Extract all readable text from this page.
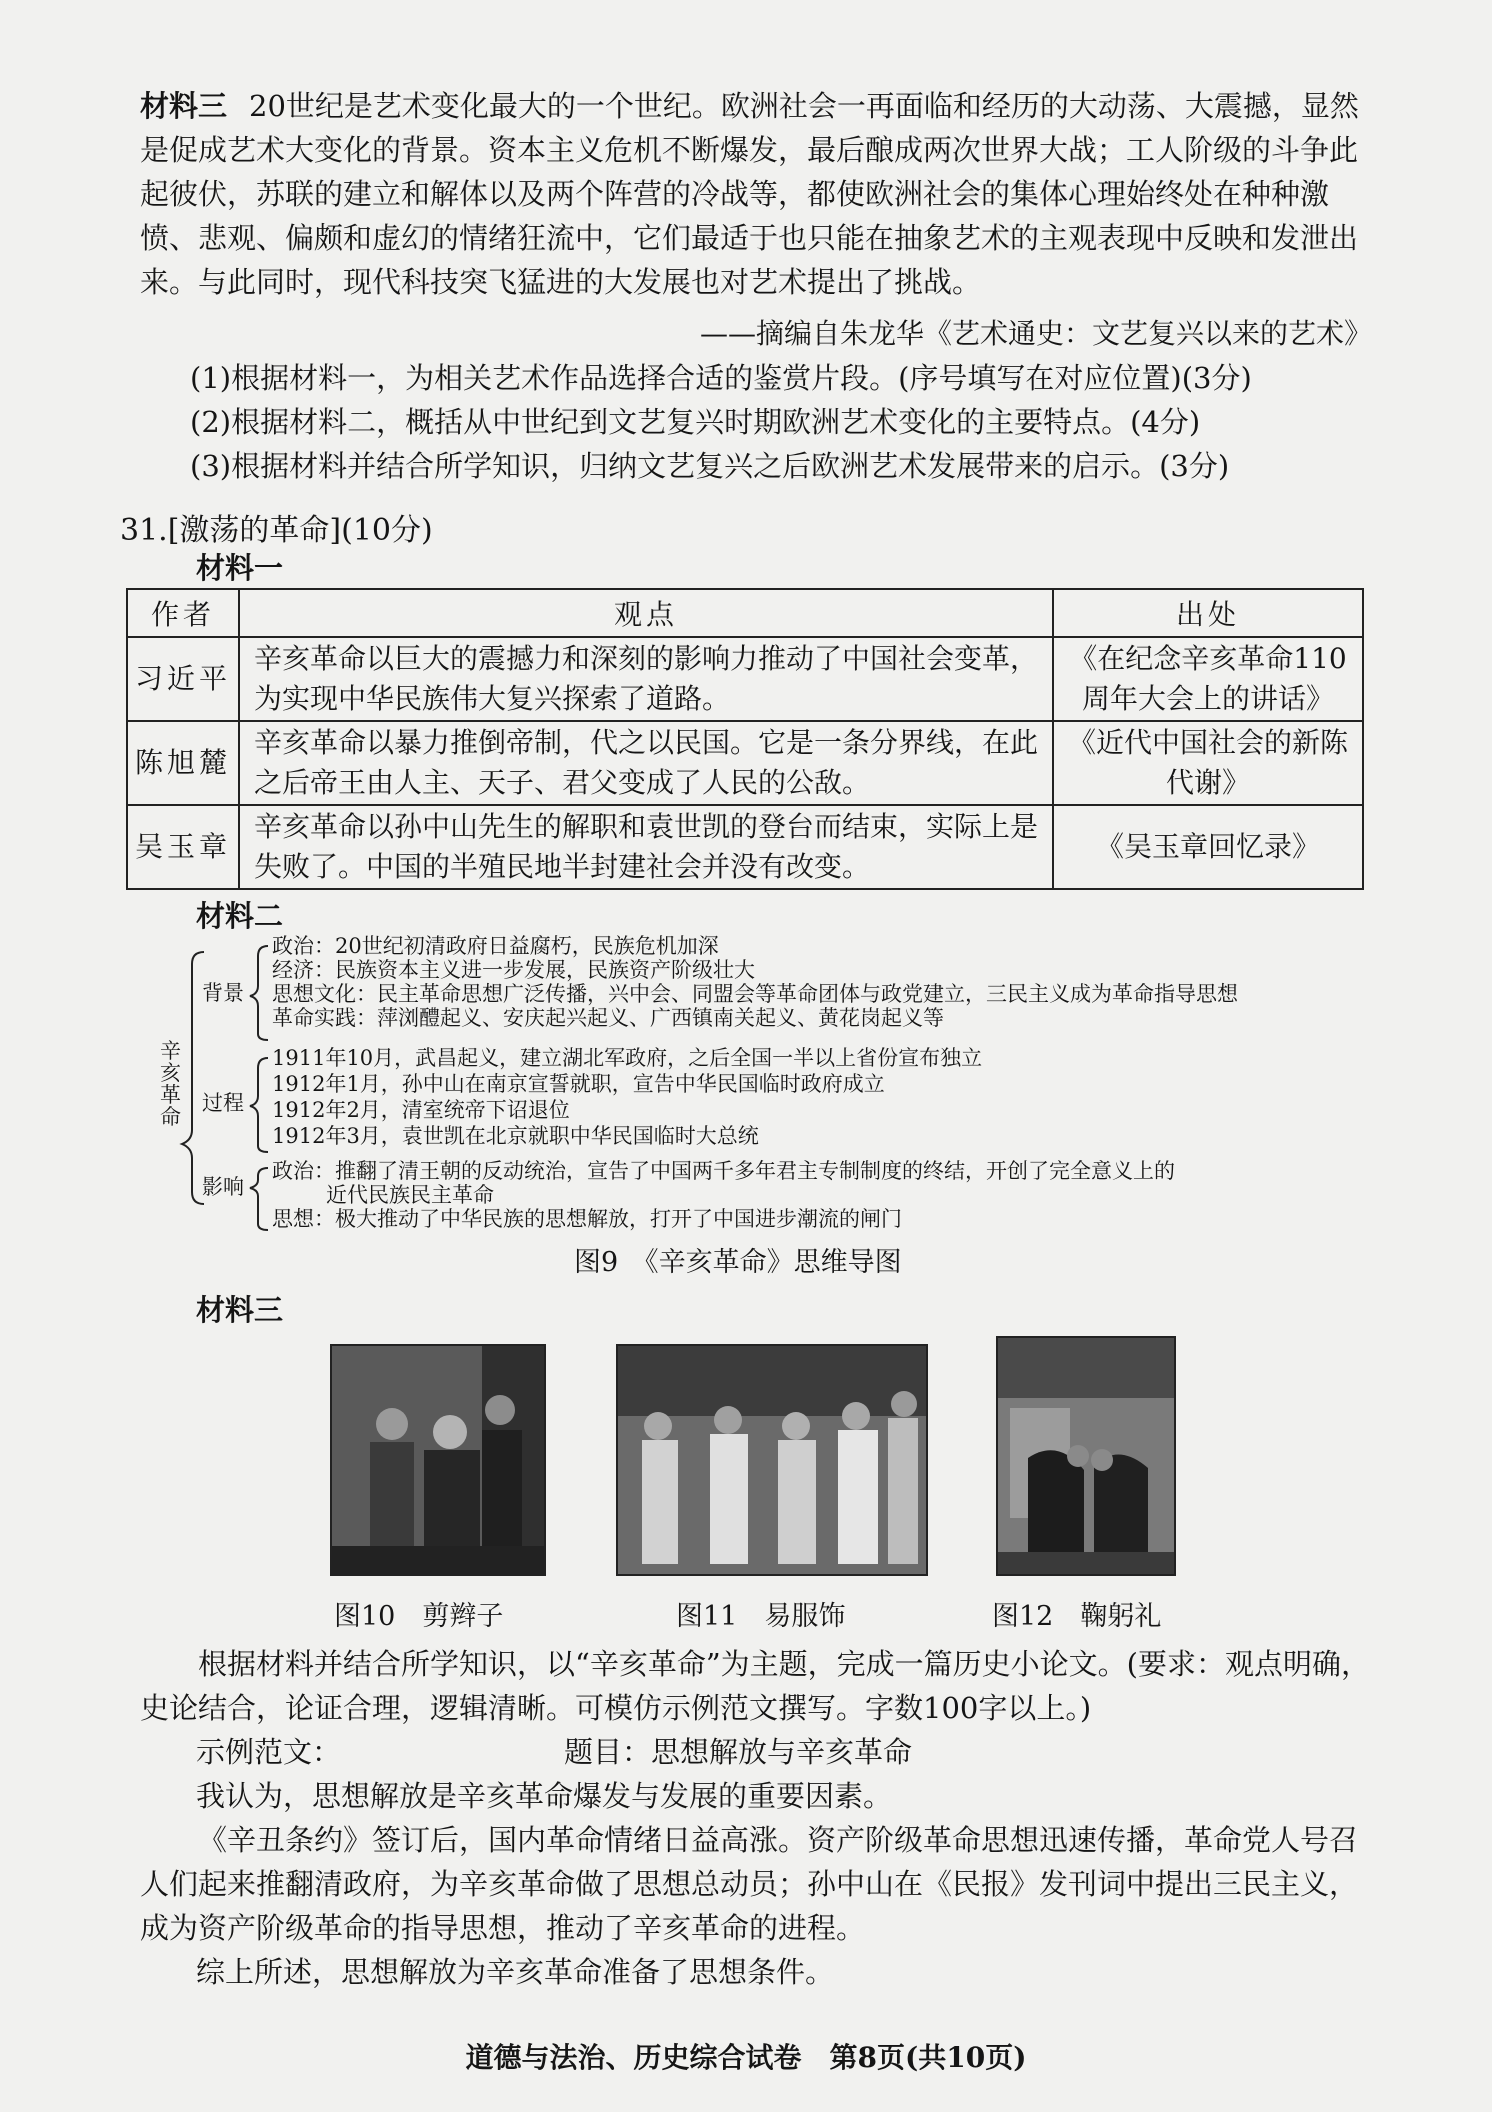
材料三 20世纪是艺术变化最大的一个世纪。欧洲社会一再面临和经历的大动荡、大震撼，显然是促成艺术大变化的背景。资本主义危机不断爆发，最后酿成两次世界大战；工人阶级的斗争此起彼伏，苏联的建立和解体以及两个阵营的冷战等，都使欧洲社会的集体心理始终处在种种激愤、悲观、偏颇和虚幻的情绪狂流中，它们最适于也只能在抽象艺术的主观表现中反映和发泄出来。与此同时，现代科技突飞猛进的大发展也对艺术提出了挑战。
——摘编自朱龙华《艺术通史：文艺复兴以来的艺术》
(1)根据材料一，为相关艺术作品选择合适的鉴赏片段。(序号填写在对应位置)(3分)
(2)根据材料二，概括从中世纪到文艺复兴时期欧洲艺术变化的主要特点。(4分)
(3)根据材料并结合所学知识，归纳文艺复兴之后欧洲艺术发展带来的启示。(3分)
31.[激荡的革命](10分)
材料一
作者	观点	出处
习近平	辛亥革命以巨大的震撼力和深刻的影响力推动了中国社会变革，为实现中华民族伟大复兴探索了道路。	《在纪念辛亥革命110周年大会上的讲话》
陈旭麓	辛亥革命以暴力推倒帝制，代之以民国。它是一条分界线，在此之后帝王由人主、天子、君父变成了人民的公敌。	《近代中国社会的新陈代谢》
吴玉章	辛亥革命以孙中山先生的解职和袁世凯的登台而结束，实际上是失败了。中国的半殖民地半封建社会并没有改变。	《吴玉章回忆录》
材料二
辛亥革命
背景
过程
影响
政治：20世纪初清政府日益腐朽，民族危机加深
经济：民族资本主义进一步发展，民族资产阶级壮大
思想文化：民主革命思想广泛传播，兴中会、同盟会等革命团体与政党建立，三民主义成为革命指导思想
革命实践：萍浏醴起义、安庆起兴起义、广西镇南关起义、黄花岗起义等
1911年10月，武昌起义，建立湖北军政府，之后全国一半以上省份宣布独立
1912年1月，孙中山在南京宣誓就职，宣告中华民国临时政府成立
1912年2月，清室统帝下诏退位
1912年3月，袁世凯在北京就职中华民国临时大总统
政治：推翻了清王朝的反动统治，宣告了中国两千多年君主专制制度的终结，开创了完全意义上的
近代民族民主革命
思想：极大推动了中华民族的思想解放，打开了中国进步潮流的闸门
图9　《辛亥革命》思维导图
材料三
图10　剪辫子	图11　易服饰	图12　鞠躬礼
根据材料并结合所学知识，以“辛亥革命”为主题，完成一篇历史小论文。(要求：观点明确，史论结合，论证合理，逻辑清晰。可模仿示例范文撰写。字数100字以上。)
示例范文：	题目：思想解放与辛亥革命
我认为，思想解放是辛亥革命爆发与发展的重要因素。
《辛丑条约》签订后，国内革命情绪日益高涨。资产阶级革命思想迅速传播，革命党人号召人们起来推翻清政府，为辛亥革命做了思想总动员；孙中山在《民报》发刊词中提出三民主义，成为资产阶级革命的指导思想，推动了辛亥革命的进程。
综上所述，思想解放为辛亥革命准备了思想条件。
道德与法治、历史综合试卷　第8页(共10页)
